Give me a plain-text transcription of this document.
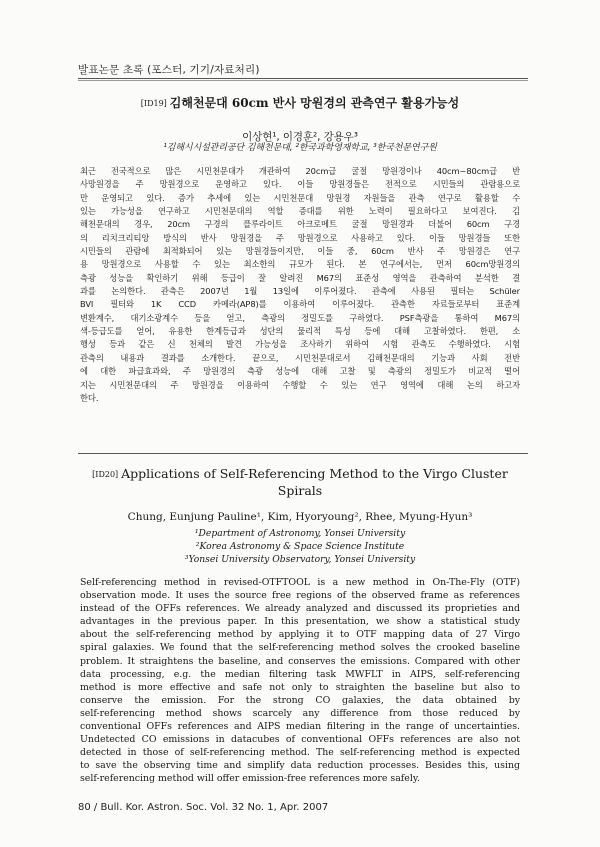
발표논문 초록 (포스터, 기기/자료처리)
[ID19] 김해천문대 60cm 반사 망원경의 관측연구 활용가능성
이상현¹, 이경훈², 강용우³
¹김해시시설관리공단 김해천문대, ²한국과학영재학교, ³한국천문연구원
최근 전국적으로 많은 시민천문대가 개관하여 20cm급 굴절 망원경이나 40cm~80cm급 반
사망원경을 주 망원경으로 운영하고 있다. 이들 망원경들은 전적으로 시민들의 관람용으로
만 운영되고 있다. 증가 추세에 있는 시민천문대 망원경 자원들을 관측 연구로 활용할 수
있는 가능성을 연구하고 시민천문대의 역할 증대를 위한 노력이 필요하다고 보여진다. 김
해천문대의 경우, 20cm 구경의 플루라이트 아크로메트 굴절 망원경과 더불어 60cm 구경
의 리치크리티앙 방식의 반사 망원경을 주 망원경으로 사용하고 있다. 이들 망원경들 또한
시민들의 관람에 최적화되어 있는 망원경들이지만, 이들 중, 60cm 반사 주 망원경은 연구
용 망원경으로 사용할 수 있는 최소한의 규모가 된다. 본 연구에서는, 먼저 60cm망원경의
측광 성능을 확인하기 위해 등급이 잘 알려진 M67의 표준성 영역을 관측하여 분석한 결
과를 논의한다. 관측은 2007년 1월 13일에 이루어졌다. 관측에 사용된 필터는 Schüler
BVI 필터와 1K CCD 카메라(AP8)를 이용하여 이루어졌다. 관측한 자료들로부터 표준계
변환계수, 대기소광계수 등을 얻고, 측광의 정밀도를 구하였다. PSF측광을 통하여 M67의
색-등급도를 얻어, 유용한 한계등급과 성단의 물리적 특성 등에 대해 고찰하였다. 한편, 소
행성 등과 같은 신 천체의 발견 가능성을 조사하기 위하여 시험 관측도 수행하였다. 시험
관측의 내용과 결과를 소개한다. 끝으로, 시민천문대로서 김해천문대의 기능과 사회 전반
에 대한 파급효과와, 주 망원경의 측광 성능에 대해 고찰 및 측광의 정밀도가 비교적 떨어
지는 시민천문대의 주 망원경을 이용하여 수행할 수 있는 연구 영역에 대해 논의 하고자
한다.
[ID20] Applications of Self-Referencing Method to the Virgo Cluster
Spirals
Chung, Eunjung Pauline¹, Kim, Hyoryoung², Rhee, Myung-Hyun³
¹Department of Astronomy, Yonsei University
²Korea Astronomy & Space Science Institute
³Yonsei University Observatory, Yonsei University
Self-referencing method in revised-OTFTOOL is a new method in On-The-Fly (OTF)
observation mode. It uses the source free regions of the observed frame as references
instead of the OFFs references. We already analyzed and discussed its proprieties and
advantages in the previous paper. In this presentation, we show a statistical study
about the self-referencing method by applying it to OTF mapping data of 27 Virgo
spiral galaxies. We found that the self-referencing method solves the crooked baseline
problem. It straightens the baseline, and conserves the emissions. Compared with other
data processing, e.g. the median filtering task MWFLT in AIPS, self-referencing
method is more effective and safe not only to straighten the baseline but also to
conserve the emission. For the strong CO galaxies, the data obtained by
self-referencing method shows scarcely any difference from those reduced by
conventional OFFs references and AIPS median filtering in the range of uncertainties.
Undetected CO emissions in datacubes of conventional OFFs references are also not
detected in those of self-referencing method. The self-referencing method is expected
to save the observing time and simplify data reduction processes. Besides this, using
self-referencing method will offer emission-free references more safely.
80 / Bull. Kor. Astron. Soc. Vol. 32 No. 1, Apr. 2007
